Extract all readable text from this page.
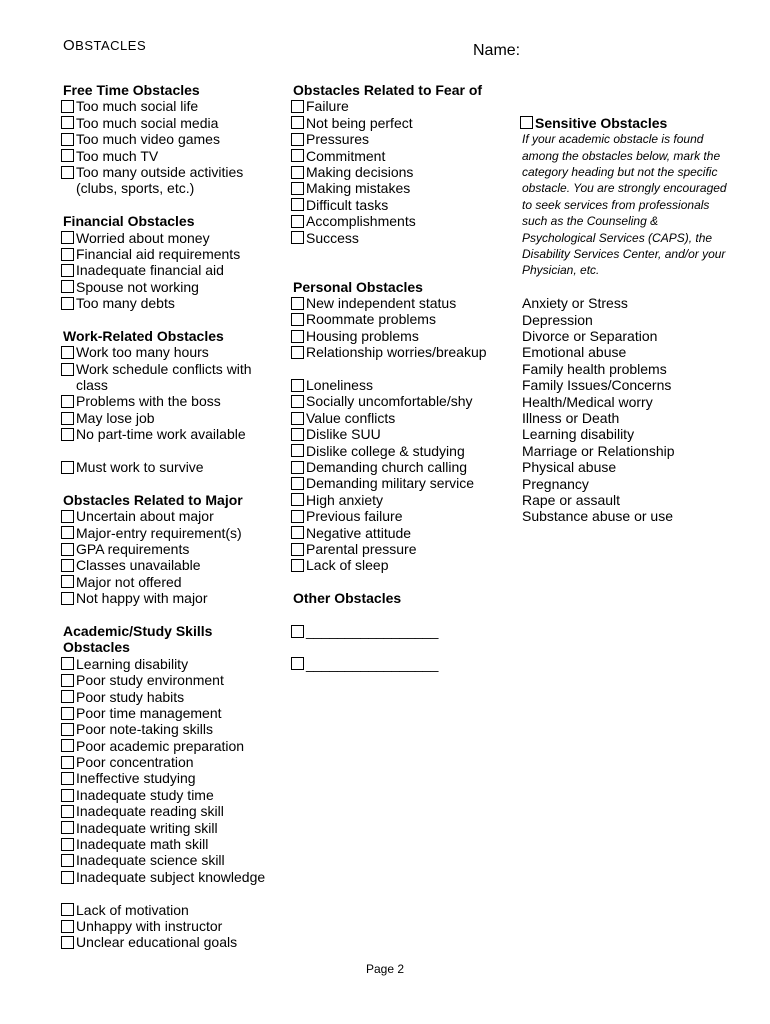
OBSTACLES	Name:
Free Time Obstacles
Too much social life
Too much social media
Too much video games
Too much TV
Too many outside activities (clubs, sports, etc.)
Financial Obstacles
Worried about money
Financial aid requirements
Inadequate financial aid
Spouse not working
Too many debts
Work-Related Obstacles
Work too many hours
Work schedule conflicts with class
Problems with the boss
May lose job
No part-time work available
Must work to survive
Obstacles Related to Major
Uncertain about major
Major-entry requirement(s)
GPA requirements
Classes unavailable
Major not offered
Not happy with major
Academic/Study Skills Obstacles
Learning disability
Poor study environment
Poor study habits
Poor time management
Poor note-taking skills
Poor academic preparation
Poor concentration
Ineffective studying
Inadequate study time
Inadequate reading skill
Inadequate writing skill
Inadequate math skill
Inadequate science skill
Inadequate subject knowledge
Lack of motivation
Unhappy with instructor
Unclear educational goals
Obstacles Related to Fear of
Failure
Not being perfect
Pressures
Commitment
Making decisions
Making mistakes
Difficult tasks
Accomplishments
Success
Personal Obstacles
New independent status
Roommate problems
Housing problems
Relationship worries/breakup
Loneliness
Socially uncomfortable/shy
Value conflicts
Dislike SUU
Dislike college & studying
Demanding church calling
Demanding military service
High anxiety
Previous failure
Negative attitude
Parental pressure
Lack of sleep
Other Obstacles
_________________
_________________
Sensitive Obstacles
If your academic obstacle is found among the obstacles below, mark the category heading but not the specific obstacle. You are strongly encouraged to seek services from professionals such as the Counseling & Psychological Services (CAPS), the Disability Services Center, and/or your Physician, etc.
Anxiety or Stress
Depression
Divorce or Separation
Emotional abuse
Family health problems
Family Issues/Concerns
Health/Medical worry
Illness or Death
Learning disability
Marriage or Relationship
Physical abuse
Pregnancy
Rape or assault
Substance abuse or use
Page 2
